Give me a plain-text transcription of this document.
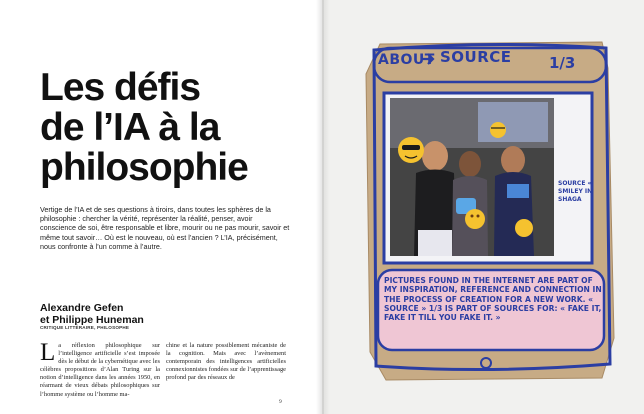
Les défis
de l’IA à la
philosophie

Vertige de l’IA et de ses questions à tiroirs, dans toutes les sphères de la philosophie : chercher la vérité, représenter la réalité, penser, avoir conscience de soi, être responsable et libre, mourir ou ne pas mourir, savoir et même tout savoir… Où est le nouveau, où est l’ancien ? L’IA, précisément, nous confronte à l’un comme à l’autre.

Alexandre Gefen
et Philippe Huneman
CRITIQUE LITTÉRAIRE, PHILOSOPHE
La réflexion philosophique sur l’intelligence artificielle s’est imposée dès le début de la cybernétique avec les célèbres propositions d’Alan Turing sur la notion d’intelligence dans les années 1950, en réarmant de vieux débats philosophiques sur l’homme système ou l’homme ma-
chine et la nature possiblement mécaniste de la cognition. Mais avec l’avènement contemporain des intelligences artificielles connexionnistes fondées sur de l’apprentissage profond par des réseaux de
9
ABOUT SOURCE 1/3
SOURCE « SMILEY IN SHAGA
PICTURES FOUND IN THE INTERNET ARE PART OF MY INSPIRATION, REFERENCE AND CONNECTION IN THE PROCESS OF CREATION FOR A NEW WORK. « SOURCE » 1/3 IS PART OF SOURCES FOR: « FAKE IT, FAKE IT TILL YOU FAKE IT. »
